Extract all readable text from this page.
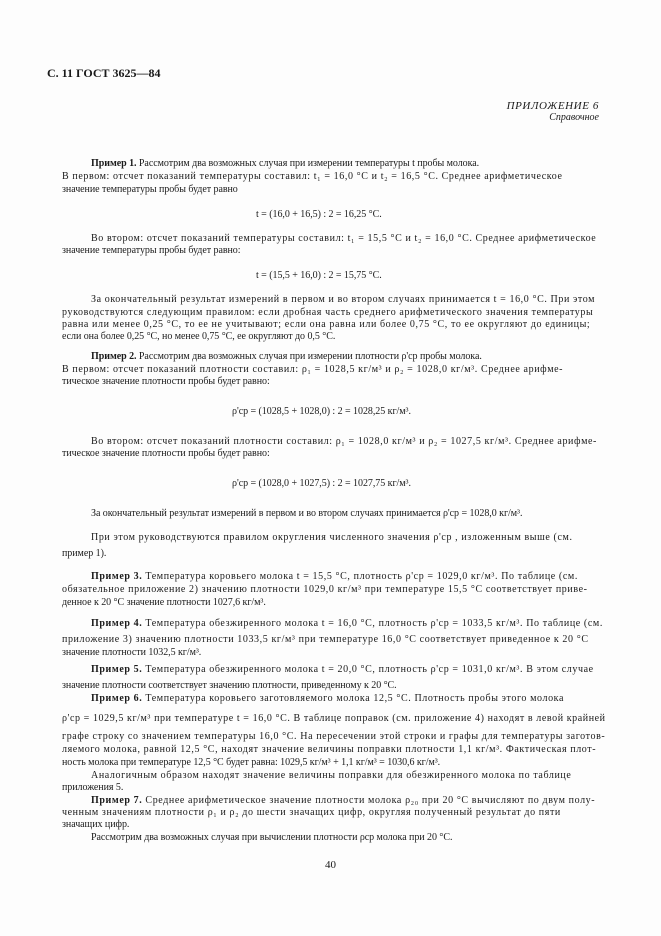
С. 11 ГОСТ 3625—84
ПРИЛОЖЕНИЕ 6
Справочное
Пример 1. Рассмотрим два возможных случая при измерении температуры t пробы молока.
В первом: отсчет показаний температуры составил: t₁ = 16,0 °С и t₂ = 16,5 °С. Среднее арифметическое
значение температуры пробы будет равно
t = (16,0 + 16,5) : 2 = 16,25 °С.
Во втором: отсчет показаний температуры составил: t₁ = 15,5 °С и t₂ = 16,0 °С. Среднее арифметическое
значение температуры пробы будет равно:
t = (15,5 + 16,0) : 2 = 15,75 °С.
За окончательный результат измерений в первом и во втором случаях принимается t = 16,0 °С. При этом
руководствуются следующим правилом: если дробная часть среднего арифметического значения температуры
равна или менее 0,25 °С, то ее не учитывают; если она равна или более 0,75 °С, то ее округляют до единицы;
если она более 0,25 °С, но менее 0,75 °С, ее округляют до 0,5 °С.
Пример 2. Рассмотрим два возможных случая при измерении плотности ρ'ср пробы молока.
В первом: отсчет показаний плотности составил: ρ₁ = 1028,5 кг/м³ и ρ₂ = 1028,0 кг/м³. Среднее арифме-
тическое значение плотности пробы будет равно:
ρ'ср = (1028,5 + 1028,0) : 2 = 1028,25 кг/м³.
Во втором: отсчет показаний плотности составил: ρ₁ = 1028,0 кг/м³ и ρ₂ = 1027,5 кг/м³. Среднее арифме-
тическое значение плотности пробы будет равно:
ρ'ср = (1028,0 + 1027,5) : 2 = 1027,75 кг/м³.
За окончательный результат измерений в первом и во втором случаях принимается ρ'ср = 1028,0 кг/м³.
При этом руководствуются правилом округления численного значения ρ'ср , изложенным выше (см.
пример 1).
Пример 3. Температура коровьего молока t = 15,5 °С, плотность ρ'ср = 1029,0 кг/м³. По таблице (см.
обязательное приложение 2) значению плотности 1029,0 кг/м³ при температуре 15,5 °С соответствует приве-
денное к 20 °С значение плотности 1027,6 кг/м³.
Пример 4. Температура обезжиренного молока t = 16,0 °С, плотность ρ'ср = 1033,5 кг/м³. По таблице (см.
приложение 3) значению плотности 1033,5 кг/м³ при температуре 16,0 °С соответствует приведенное к 20 °С
значение плотности 1032,5 кг/м³.
Пример 5. Температура обезжиренного молока t = 20,0 °С, плотность ρ'ср = 1031,0 кг/м³. В этом случае
значение плотности соответствует значению плотности, приведенному к 20 °С.
Пример 6. Температура коровьего заготовляемого молока 12,5 °С. Плотность пробы этого молока
ρ'ср = 1029,5 кг/м³ при температуре t = 16,0 °С. В таблице поправок (см. приложение 4) находят в левой крайней
графе строку со значением температуры 16,0 °С. На пересечении этой строки и графы для температуры заготов-
ляемого молока, равной 12,5 °С, находят значение величины поправки плотности 1,1 кг/м³. Фактическая плот-
ность молока при температуре 12,5 °С будет равна: 1029,5 кг/м³ + 1,1 кг/м³ = 1030,6 кг/м³.
Аналогичным образом находят значение величины поправки для обезжиренного молока по таблице
приложения 5.
Пример 7. Среднее арифметическое значение плотности молока ρ₂₀ при 20 °С вычисляют по двум полу-
ченным значениям плотности ρ₁ и ρ₂ до шести значащих цифр, округляя полученный результат до пяти
значащих цифр.
Рассмотрим два возможных случая при вычислении плотности ρср молока при 20 °С.
40
